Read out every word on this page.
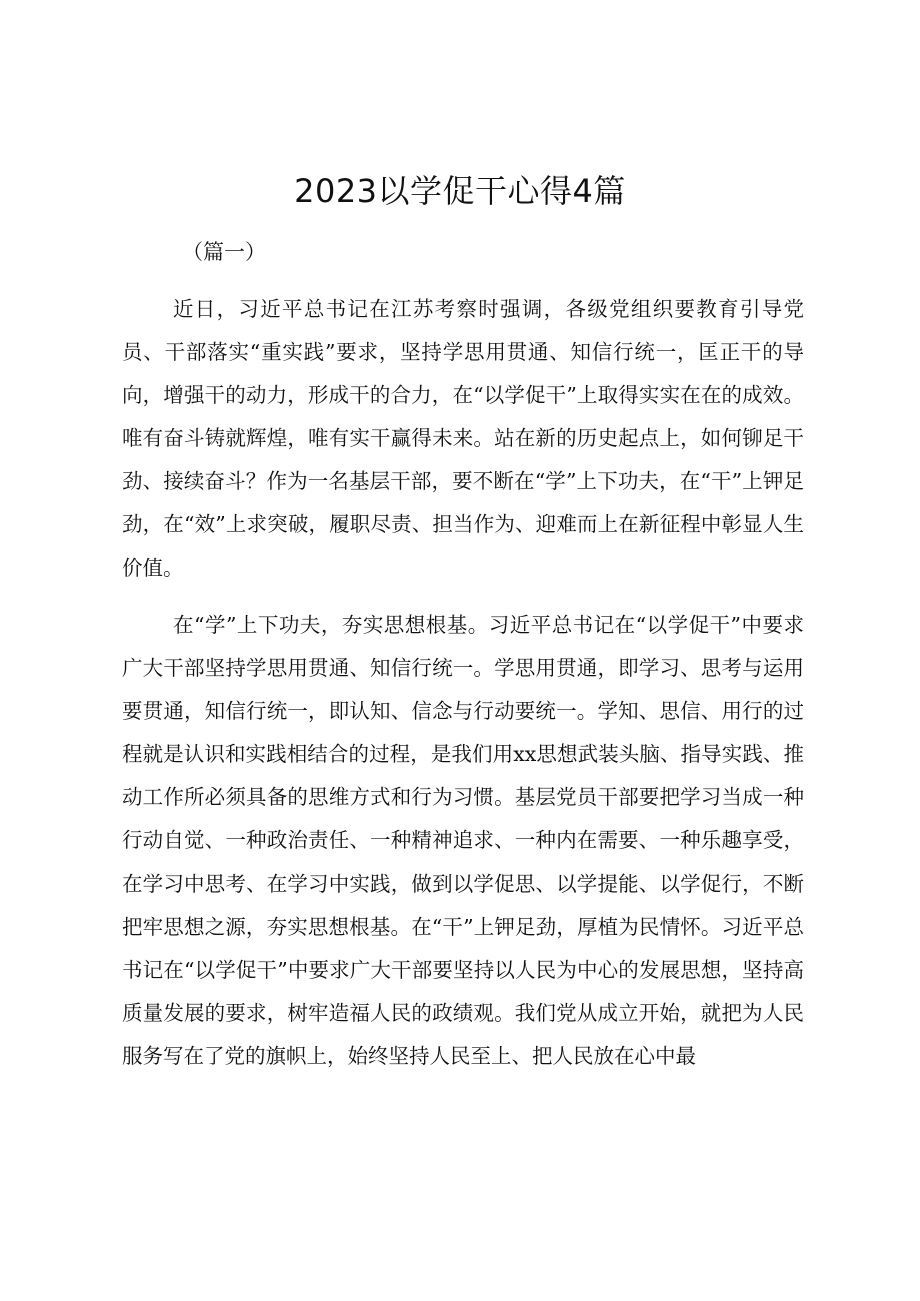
2023以学促干心得4篇
（篇一）

近日，习近平总书记在江苏考察时强调，各级党组织要教育引导党员、干部落实“重实践”要求，坚持学思用贯通、知信行统一，匡正干的导向，增强干的动力，形成干的合力，在“以学促干”上取得实实在在的成效。唯有奋斗铸就辉煌，唯有实干赢得未来。站在新的历史起点上，如何铆足干劲、接续奋斗？作为一名基层干部，要不断在“学”上下功夫，在“干”上钾足劲，在“效”上求突破，履职尽责、担当作为、迎难而上在新征程中彰显人生价值。

在“学”上下功夫，夯实思想根基。习近平总书记在“以学促干”中要求广大干部坚持学思用贯通、知信行统一。学思用贯通，即学习、思考与运用要贯通，知信行统一，即认知、信念与行动要统一。学知、思信、用行的过程就是认识和实践相结合的过程，是我们用xx思想武装头脑、指导实践、推动工作所必须具备的思维方式和行为习惯。基层党员干部要把学习当成一种行动自觉、一种政治责任、一种精神追求、一种内在需要、一种乐趣享受，在学习中思考、在学习中实践，做到以学促思、以学提能、以学促行，不断把牢思想之源，夯实思想根基。在“干”上钾足劲，厚植为民情怀。习近平总书记在“以学促干”中要求广大干部要坚持以人民为中心的发展思想，坚持高质量发展的要求，树牢造福人民的政绩观。我们党从成立开始，就把为人民服务写在了党的旗帜上，始终坚持人民至上、把人民放在心中最
